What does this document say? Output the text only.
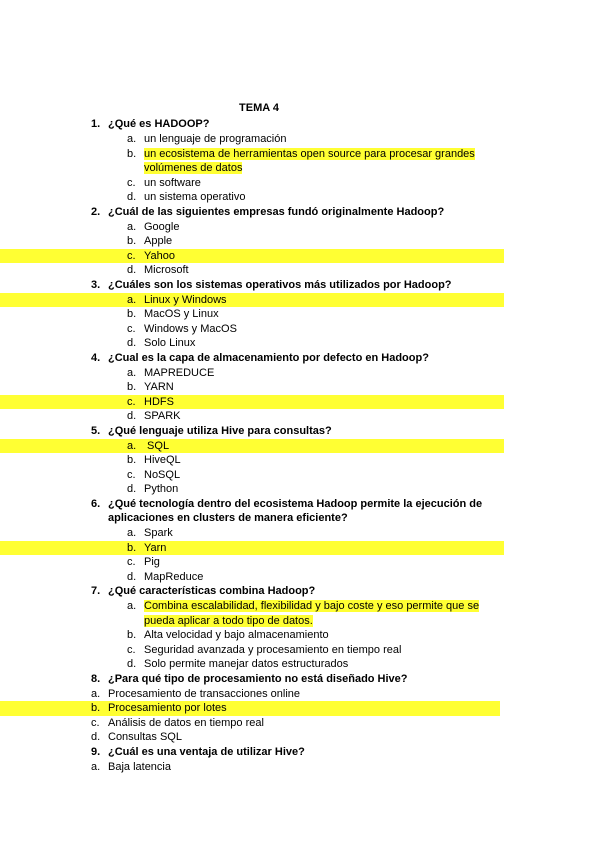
TEMA 4
1 . ¿Qué es HADOOP?
a . un lenguaje de programación
b . un ecosistema de herramientas open source para procesar grandes volúmenes de datos
c . un software
d . un sistema operativo
2 . ¿Cuál de las siguientes empresas fundó originalmente Hadoop?
a . Google
b . Apple
c . Yahoo
d . Microsoft
3 . ¿Cuáles son los sistemas operativos más utilizados por Hadoop?
a . Linux y Windows
b . MacOS y Linux
c . Windows y MacOS
d . Solo Linux
4 . ¿Cual es la capa de almacenamiento por defecto en Hadoop?
a . MAPREDUCE
b . YARN
c . HDFS
d . SPARK
5 . ¿Qué lenguaje utiliza Hive para consultas?
a . SQL
b . HiveQL
c . NoSQL
d . Python
6 . ¿Qué tecnología dentro del ecosistema Hadoop permite la ejecución de aplicaciones en clusters de manera eficiente?
a . Spark
b . Yarn
c . Pig
d . MapReduce
7 . ¿Qué características combina Hadoop?
a . Combina escalabilidad, flexibilidad y bajo coste y eso permite que se pueda aplicar a todo tipo de datos.
b . Alta velocidad y bajo almacenamiento
c . Seguridad avanzada y procesamiento en tiempo real
d . Solo permite manejar datos estructurados
8 . ¿Para qué tipo de procesamiento no está diseñado Hive?
a . Procesamiento de transacciones online
b . Procesamiento por lotes
c . Análisis de datos en tiempo real
d . Consultas SQL
9 . ¿Cuál es una ventaja de utilizar Hive?
a . Baja latencia
